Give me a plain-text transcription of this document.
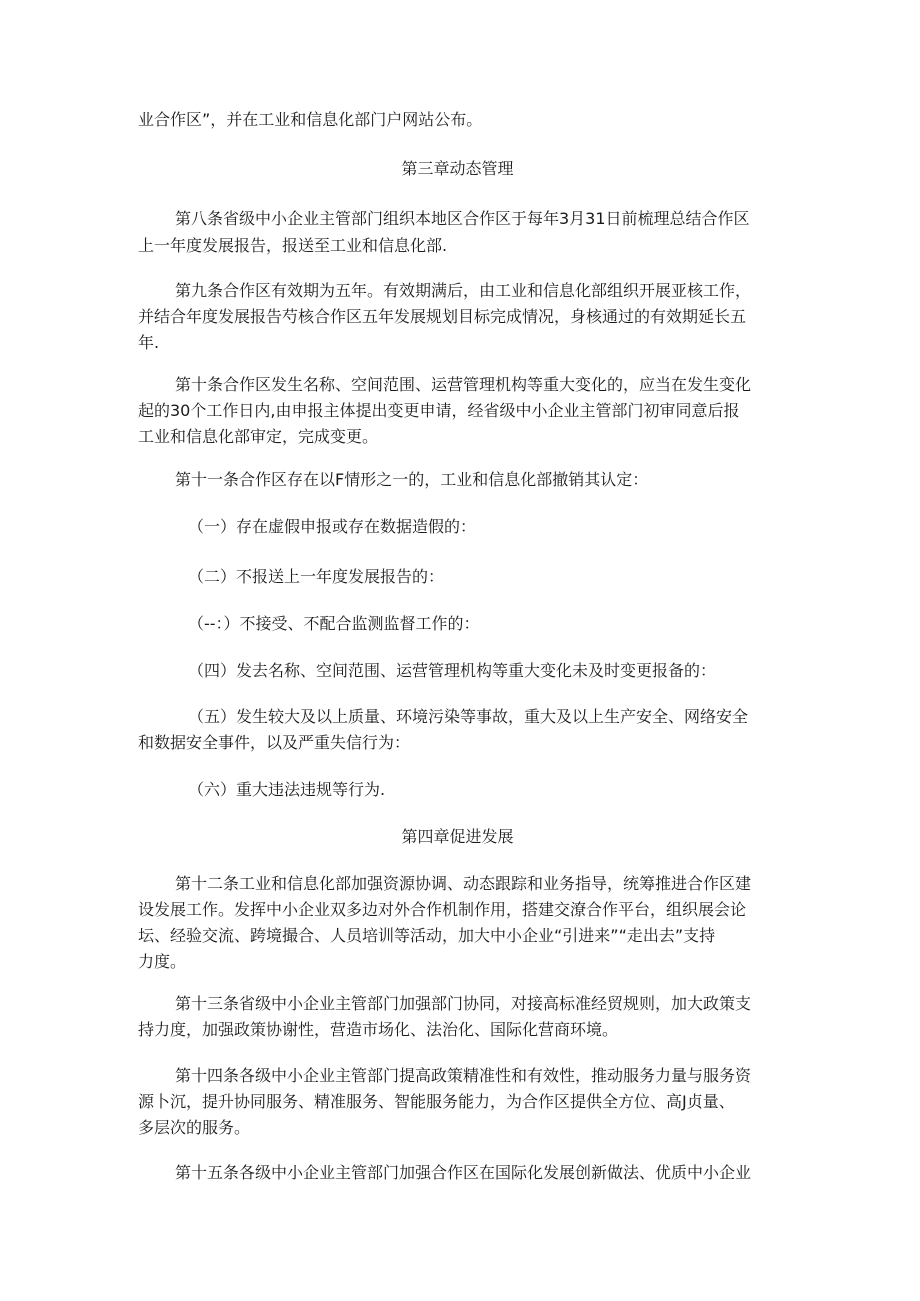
业合作区”，并在工业和信息化部门户网站公布。
第三章动态管理
第八条省级中小企业主管部门组织本地区合作区于每年3月31日前梳理总结合作区
上一年度发展报告，报送至工业和信息化部.
第九条合作区有效期为五年。有效期满后，由工业和信息化部组织开展亚核工作，
并结合年度发展报告芍核合作区五年发展规划目标完成情况，身核通过的有效期延长五
年.
第十条合作区发生名称、空间范围、运营管理机构等重大变化的，应当在发生变化
起的30个工作日内,由申报主体提出变更申请，经省级中小企业主管部门初审同意后报
工业和信息化部审定，完成变更。
第十一条合作区存在以F情形之一的，工业和信息化部撤销其认定：
（一）存在虚假申报或存在数据造假的：
（二）不报送上一年度发展报告的：
（--：）不接受、不配合监测监督工作的：
（四）发去名称、空间范围、运营管理机构等重大变化未及时变更报备的：
（五）发生较大及以上质量、环境污染等事故，重大及以上生产安全、网络安全
和数据安全事件，以及严重失信行为：
（六）重大违法违规等行为.
第四章促进发展
第十二条工业和信息化部加强资源协调、动态跟踪和业务指导，统筹推进合作区建
设发展工作。发挥中小企业双多边对外合作机制作用，搭建交潦合作平台，组织展会论
坛、经验交流、跨境撮合、人员培训等活动，加大中小企业“引进来”“走出去”支持
力度。
第十三条省级中小企业主管部门加强部门协同，对接高标准经贸规则，加大政策支
持力度，加强政策协谢性，营造市场化、法治化、国际化营商环境。
第十四条各级中小企业主管部门提高政策精准性和有效性，推动服务力量与服务资
源卜沉，提升协同服务、精准服务、智能服务能力，为合作区提供全方位、高J贞量、
多层次的服务。
第十五条各级中小企业主管部门加强合作区在国际化发展创新做法、优质中小企业
